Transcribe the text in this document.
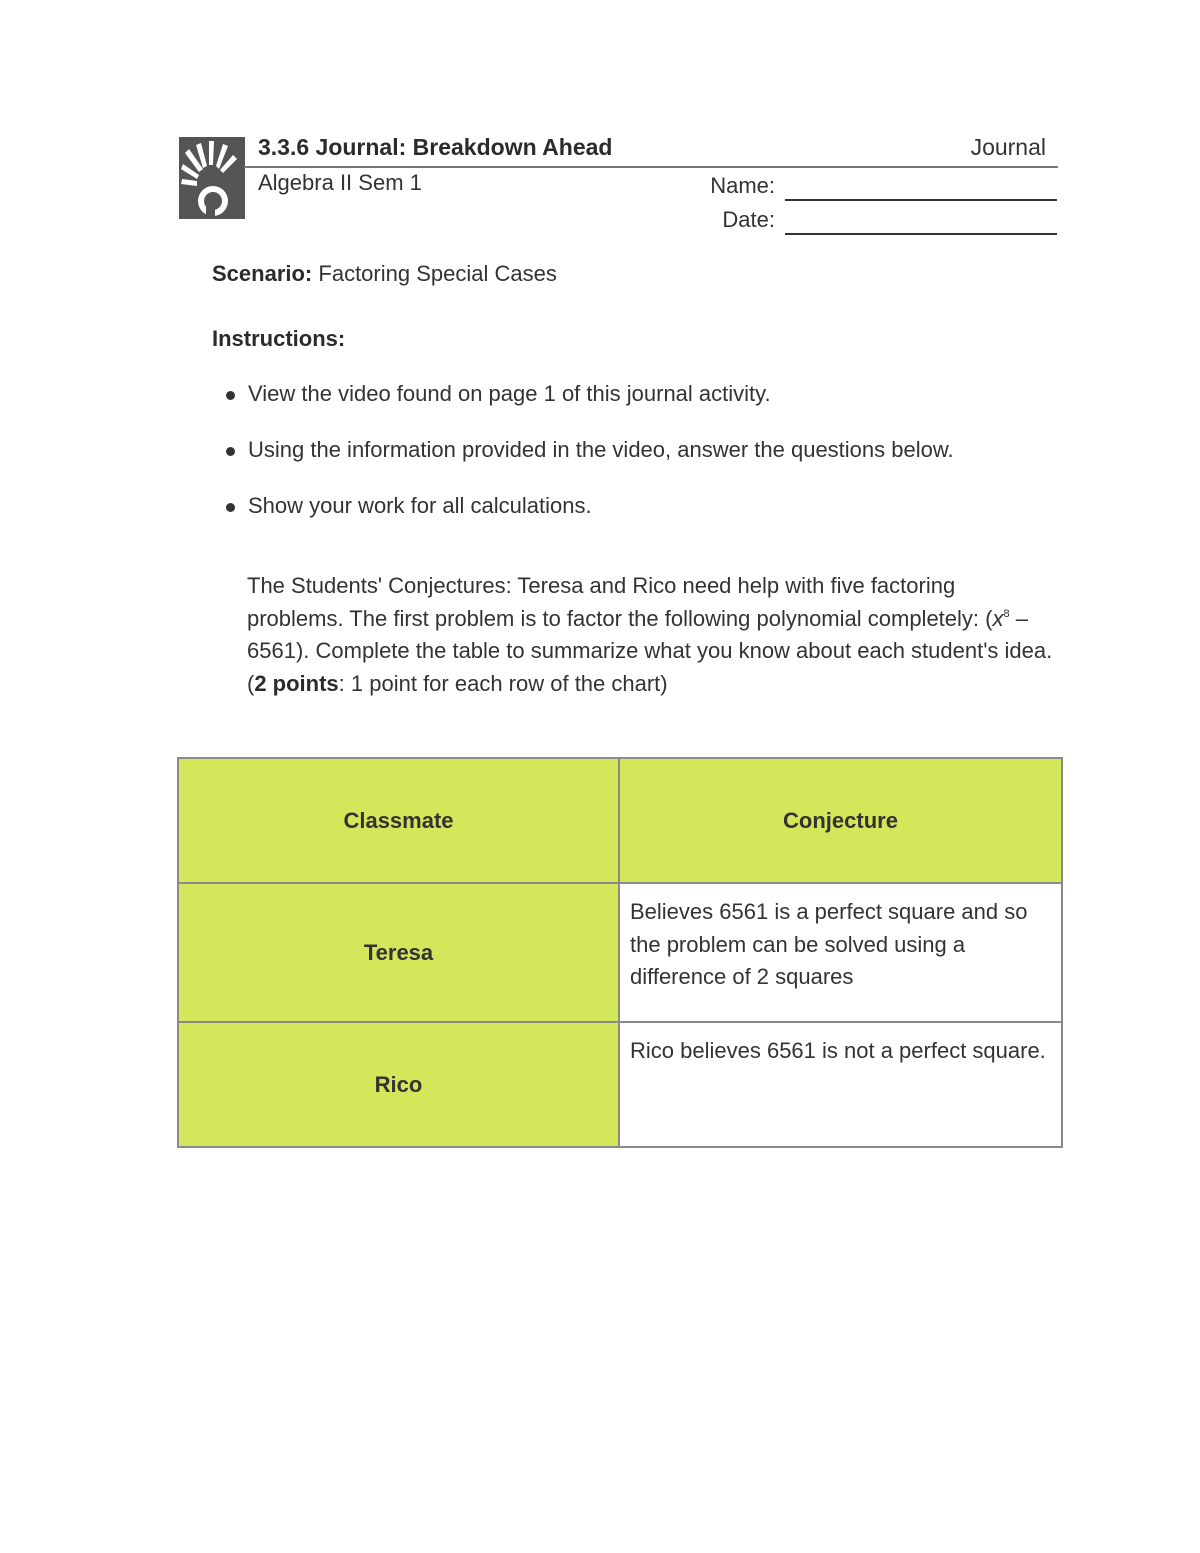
3.3.6 Journal: Breakdown Ahead	Journal
Algebra II Sem 1	Name:
Date:
Scenario: Factoring Special Cases
Instructions:
View the video found on page 1 of this journal activity.
Using the information provided in the video, answer the questions below.
Show your work for all calculations.
The Students' Conjectures: Teresa and Rico need help with five factoring problems. The first problem is to factor the following polynomial completely: $(x^8 - 6561)$. Complete the table to summarize what you know about each student's idea. (2 points: 1 point for each row of the chart)
Classmate	Conjecture
Teresa	Believes 6561 is a perfect square and so the problem can be solved using a difference of 2 squares
Rico	Rico believes 6561 is not a perfect square.
